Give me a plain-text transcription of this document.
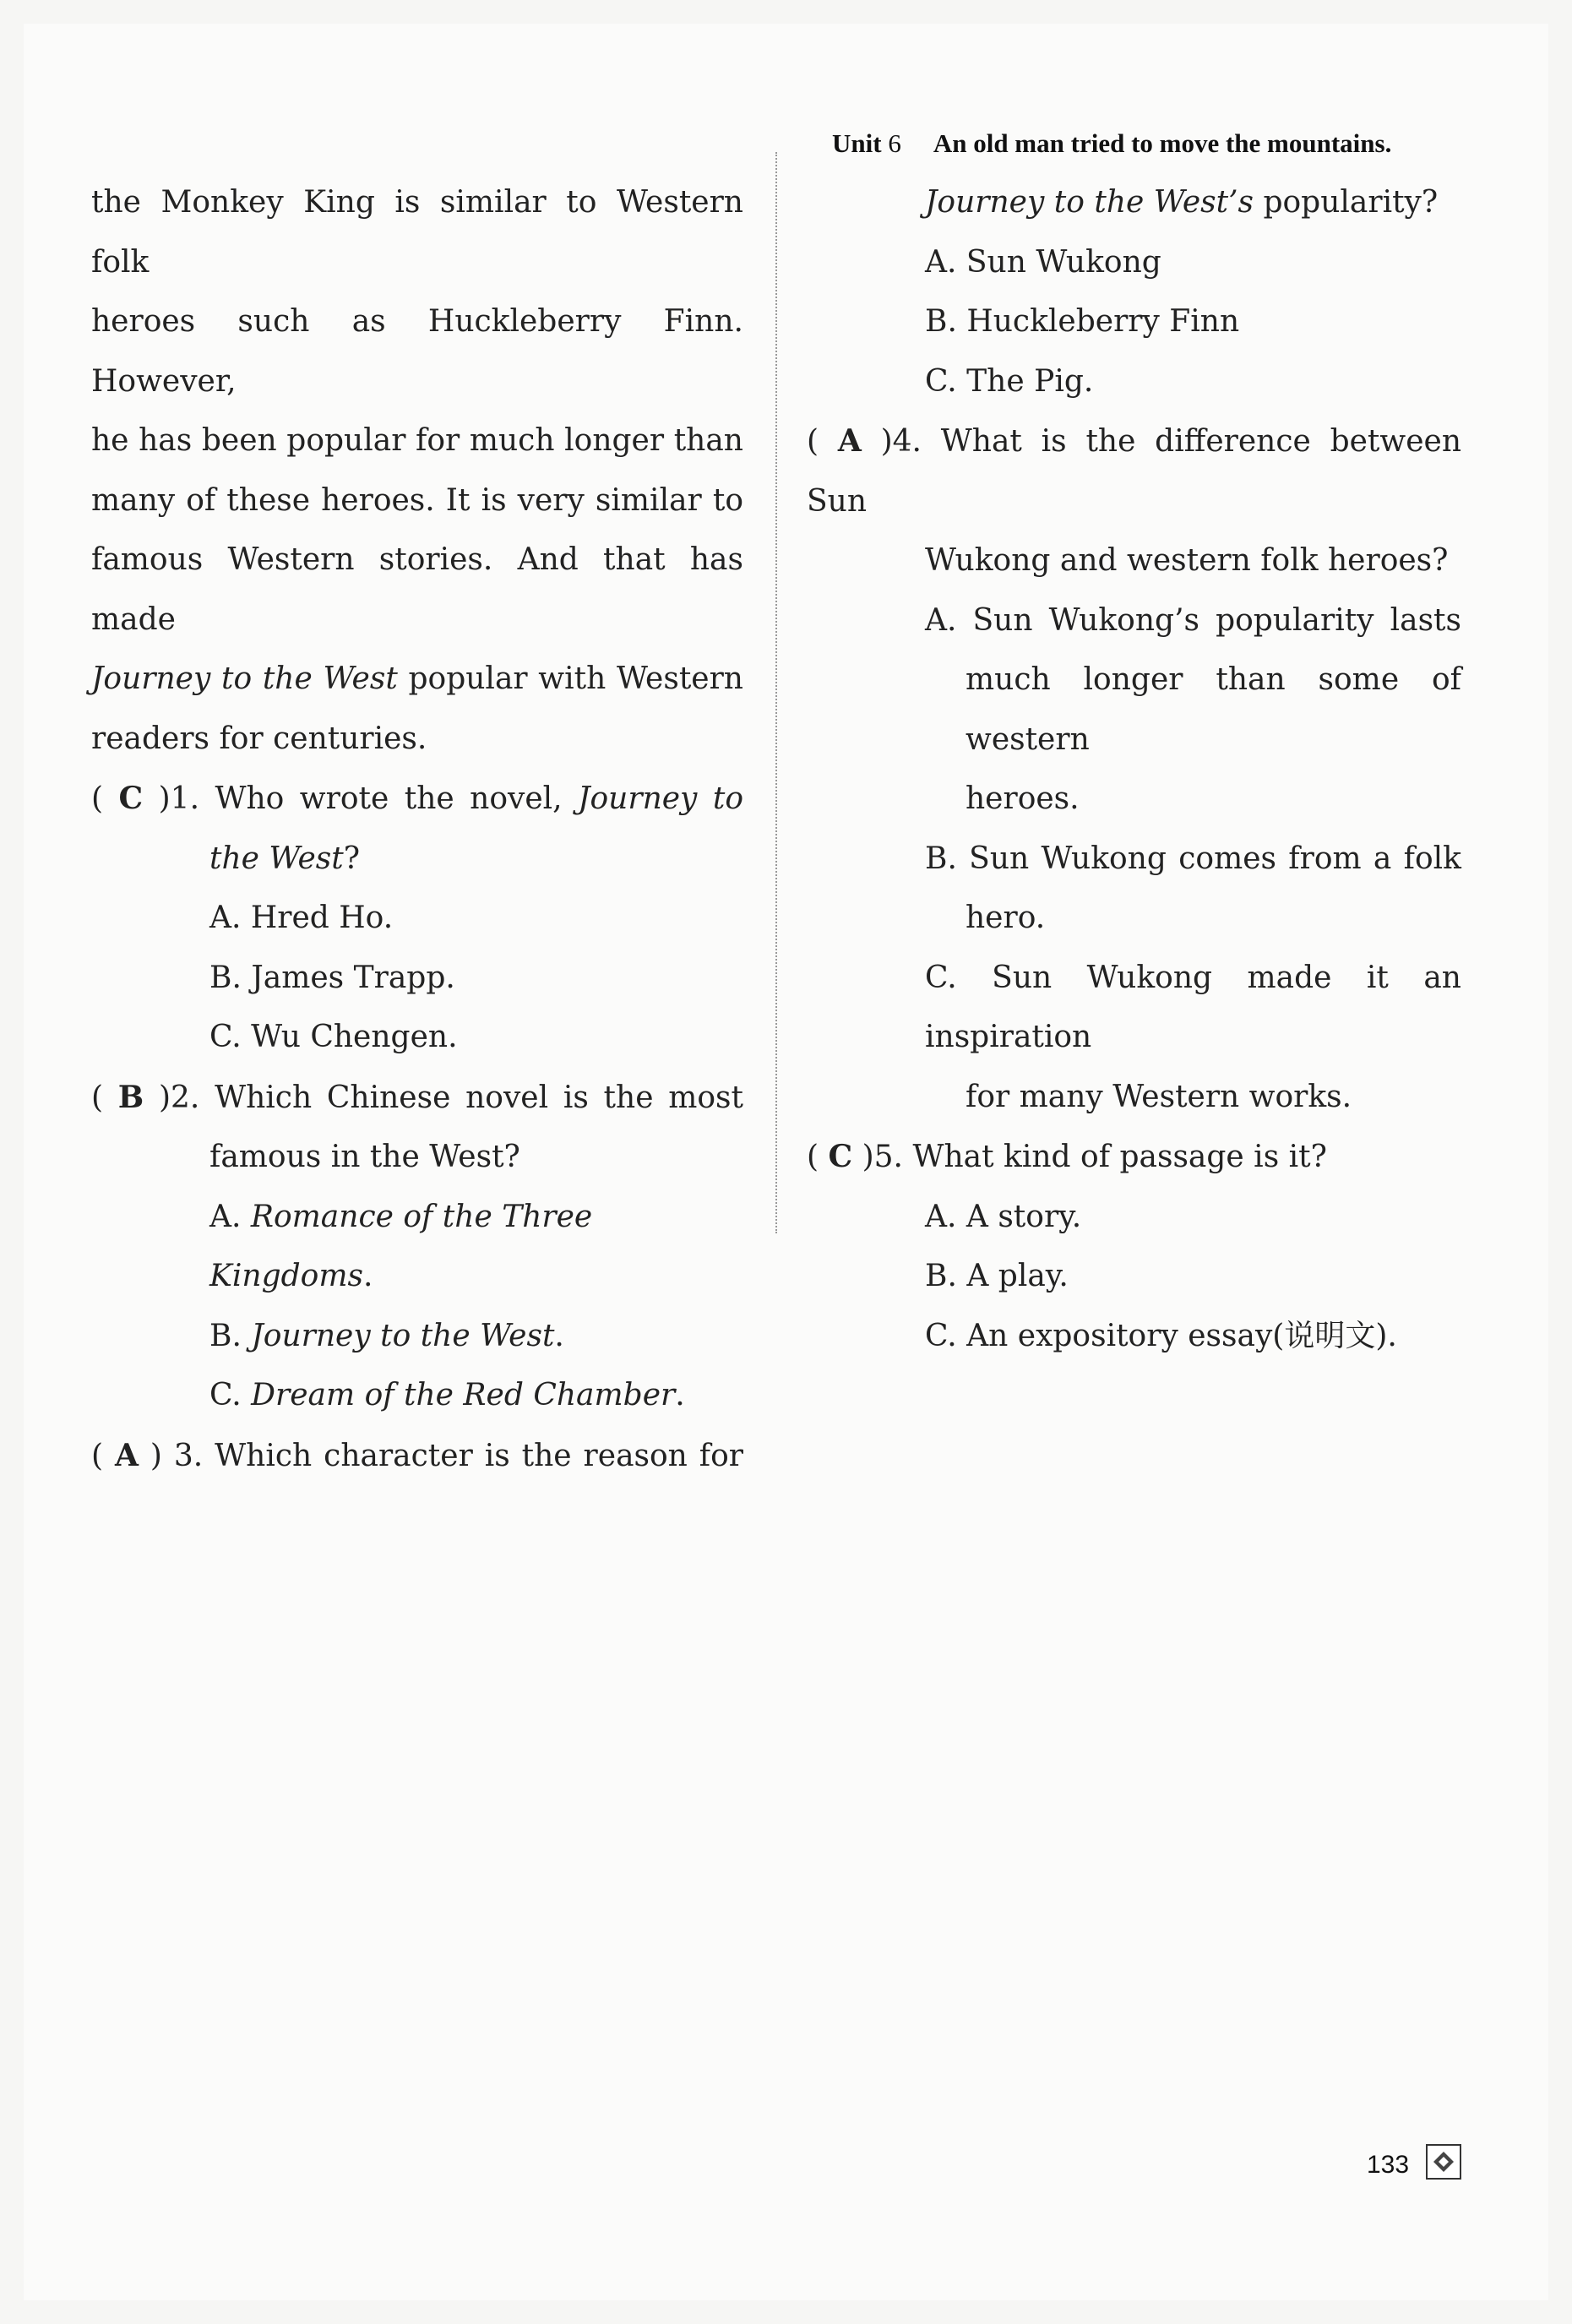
Unit 6 An old man tried to move the mountains.
the Monkey King is similar to Western folk
heroes such as Huckleberry Finn. However,
he has been popular for much longer than
many of these heroes. It is very similar to
famous Western stories. And that has made
Journey to the West popular with Western
readers for centuries.
( C )1. Who wrote the novel, Journey to
the West?
A. Hred Ho.
B. James Trapp.
C. Wu Chengen.
( B )2. Which Chinese novel is the most
famous in the West?
A. Romance of the Three Kingdoms.
B. Journey to the West.
C. Dream of the Red Chamber.
( A ) 3. Which character is the reason for
Journey to the West’s popularity?
A. Sun Wukong
B. Huckleberry Finn
C. The Pig.
( A )4. What is the difference between Sun
Wukong and western folk heroes?
A. Sun Wukong’s popularity lasts
much longer than some of western
heroes.
B. Sun Wukong comes from a folk
hero.
C. Sun Wukong made it an inspiration
for many Western works.
( C )5. What kind of passage is it?
A. A story.
B. A play.
C. An expository essay(说明文).
133
